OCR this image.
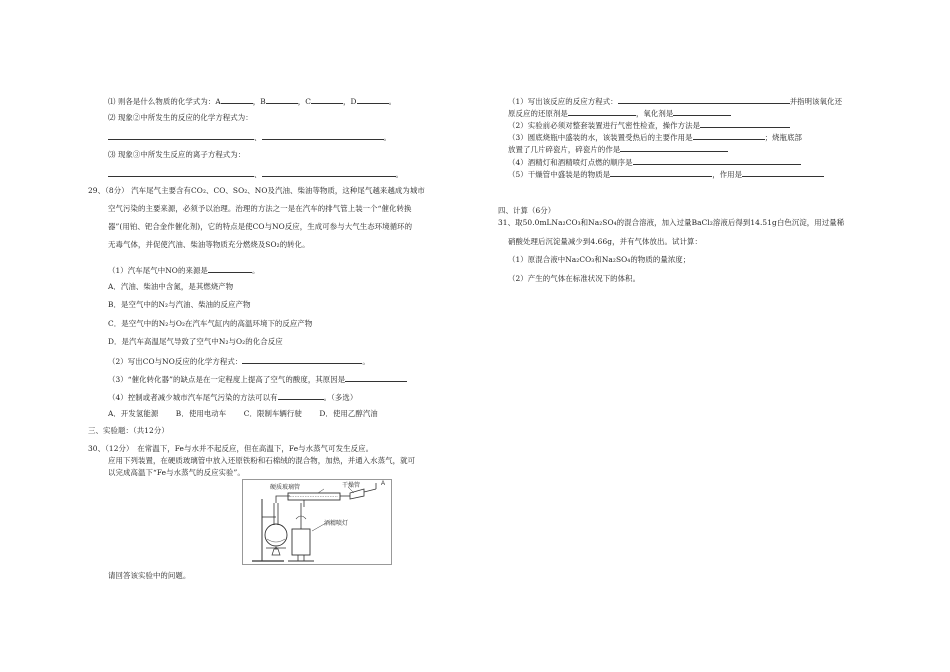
⑴ 则各是什么物质的化学式为：A	，B	，C	，D	。
⑵ 现象②中所发生的反应的化学方程式为：
、	。
⑶ 现象③中所发生反应的离子方程式为：
、	。
29、（8分） 汽车尾气主要含有CO₂、CO、SO₂、NO及汽油、柴油等物质，这种尾气越来越成为城市
空气污染的主要来源，必须予以治理。治理的方法之一是在汽车的排气管上装一个“催化转换
器”(用铂、钯合金作催化剂)，它的特点是使CO与NO反应，生成可参与大气生态环境循环的
无毒气体，并促使汽油、柴油等物质充分燃烧及SO₂的转化。
（1）汽车尾气中NO的来源是	。
A．汽油、柴油中含氮，是其燃烧产物
B．是空气中的N₂与汽油、柴油的反应产物
C．是空气中的N₂与O₂在汽车气缸内的高温环境下的反应产物
D．是汽车高温尾气导致了空气中N₂与O₂的化合反应
（2）写出CO与NO反应的化学方程式：	。
（3）“催化转化器”的缺点是在一定程度上提高了空气的酸度，其原因是
（4）控制或者减少城市汽车尾气污染的方法可以有	。（多选）
A．开发氢能源　　 B．使用电动车　　 C．限制车辆行驶　　 D．使用乙醇汽油
三、实验题：（共12分）
30、（12分）　在常温下，Fe与水并不起反应，但在高温下，Fe与水蒸气可发生反应。
应用下列装置，在硬质玻璃管中放入还原铁粉和石棉绒的混合物，加热，并通入水蒸气，就可
以完成高温下“Fe与水蒸气的反应实验”。
A
硬质玻璃管	干燥管
酒精喷灯
请回答该实验中的问题。
（1）写出该反应的反应方程式：	并指明该氧化还
原反应的还原剂是	，氧化剂是
（2）实验前必须对整套装置进行气密性检查，操作方法是
（3）圆底烧瓶中盛装的水，该装置受热后的主要作用是	；烧瓶底部
放置了几片碎瓷片，碎瓷片的作是
（4）酒精灯和酒精喷灯点燃的顺序是
（5）干燥管中盛装是的物质是	，作用是
四、计算（6分）
31、取50.0mLNa₂CO₃和Na₂SO₄的混合溶液，加入过量BaCl₂溶液后得到14.51g白色沉淀，用过量稀
硝酸处理后沉淀量减少到4.66g，并有气体放出。试计算：
（1）原混合液中Na₂CO₃和Na₂SO₄的物质的量浓度；
（2）产生的气体在标准状况下的体积。
